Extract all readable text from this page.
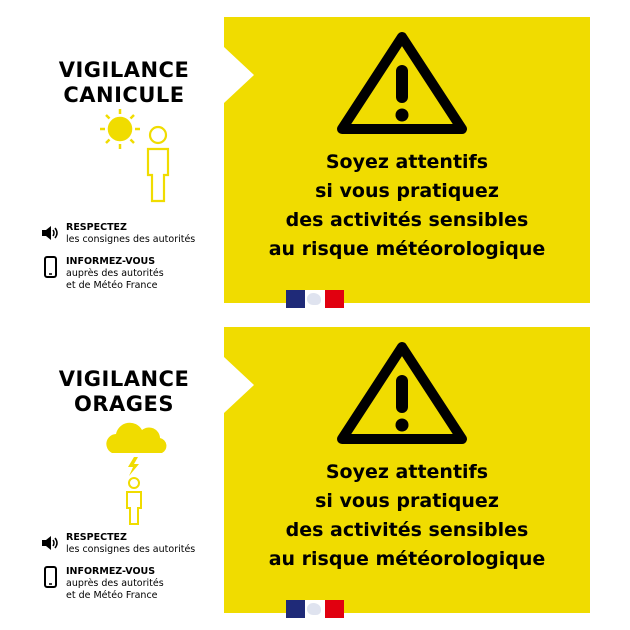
VIGILANCE
CANICULE
RESPECTEZ
les consignes des autorités
INFORMEZ-VOUS
auprès des autorités
et de Météo France
Soyez attentifs
si vous pratiquez
des activités sensibles
au risque météorologique
VIGILANCE
ORAGES
RESPECTEZ
les consignes des autorités
INFORMEZ-VOUS
auprès des autorités
et de Météo France
Soyez attentifs
si vous pratiquez
des activités sensibles
au risque météorologique
